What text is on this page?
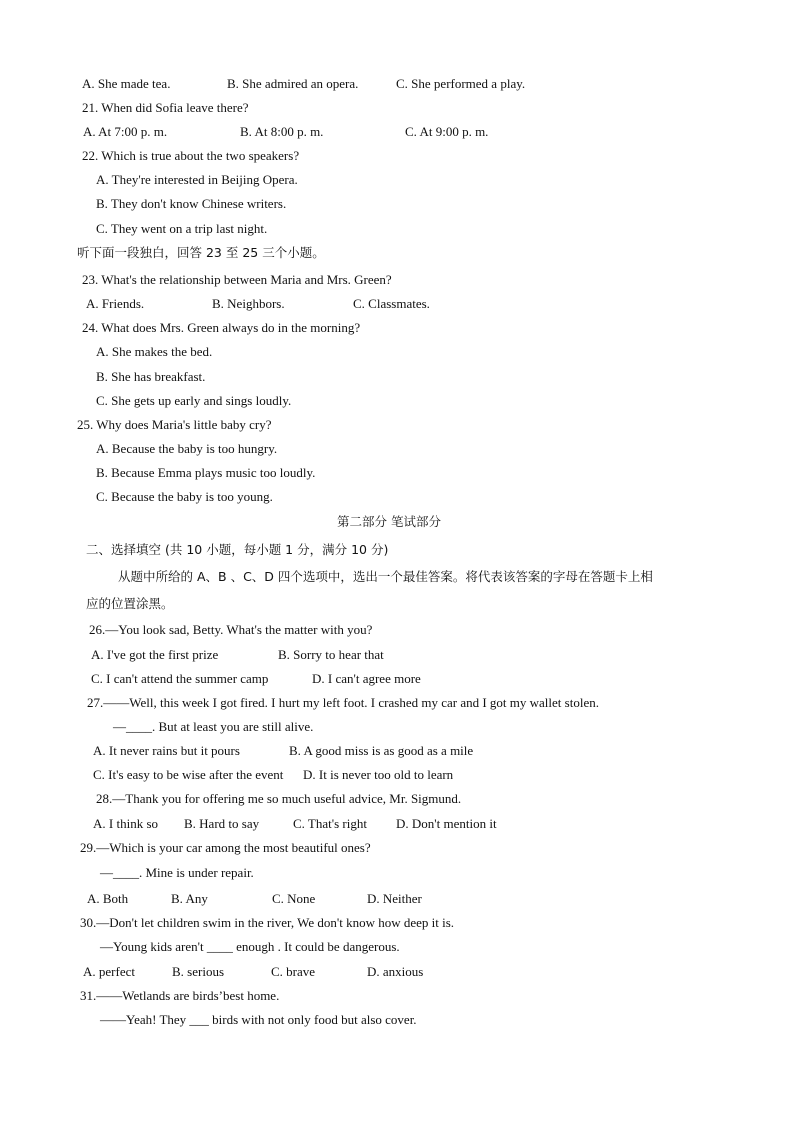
A. She made tea.	B. She admired an opera.	C. She performed a play.
21. When did Sofia leave there?
A. At 7:00 p. m.	B. At 8:00 p. m.	C. At 9:00 p. m.
22. Which is true about the two speakers?
A. They're interested in Beijing Opera.
B. They don't know Chinese writers.
C. They went on a trip last night.
听下面一段独白，回答 23 至 25 三个小题。
23. What's the relationship between Maria and Mrs. Green?
A. Friends.	B. Neighbors.	C. Classmates.
24. What does Mrs. Green always do in the morning?
A. She makes the bed.
B. She has breakfast.
C. She gets up early and sings loudly.
25. Why does Maria's little baby cry?
A. Because the baby is too hungry.
B. Because Emma plays music too loudly.
C. Because the baby is too young.
第二部分 笔试部分
二、选择填空 (共 10 小题，每小题 1 分，满分 10 分)
从题中所给的 A、B 、C、D 四个选项中，选出一个最佳答案。将代表该答案的字母在答题卡上相
应的位置涂黑。
26.—You look sad, Betty. What's the matter with you?
A. I've got the first prize	B. Sorry to hear that
C. I can't attend the summer camp	D. I can't agree more
27.——Well, this week I got fired. I hurt my left foot. I crashed my car and I got my wallet stolen.
—____. But at least you are still alive.
A. It never rains but it pours	B. A good miss is as good as a mile
C. It's easy to be wise after the event D. It is never too old to learn
28.—Thank you for offering me so much useful advice, Mr. Sigmund.
A. I think so B. Hard to say	C. That's right D. Don't mention it
29.—Which is your car among the most beautiful ones?
—____. Mine is under repair.
A. Both	B. Any	C. None	D. Neither
30.—Don't let children swim in the river, We don't know how deep it is.
—Young kids aren't ____ enough . It could be dangerous.
A. perfect	B. serious	C. brave	D. anxious
31.——Wetlands are birds’best home.
——Yeah! They ___ birds with not only food but also cover.
